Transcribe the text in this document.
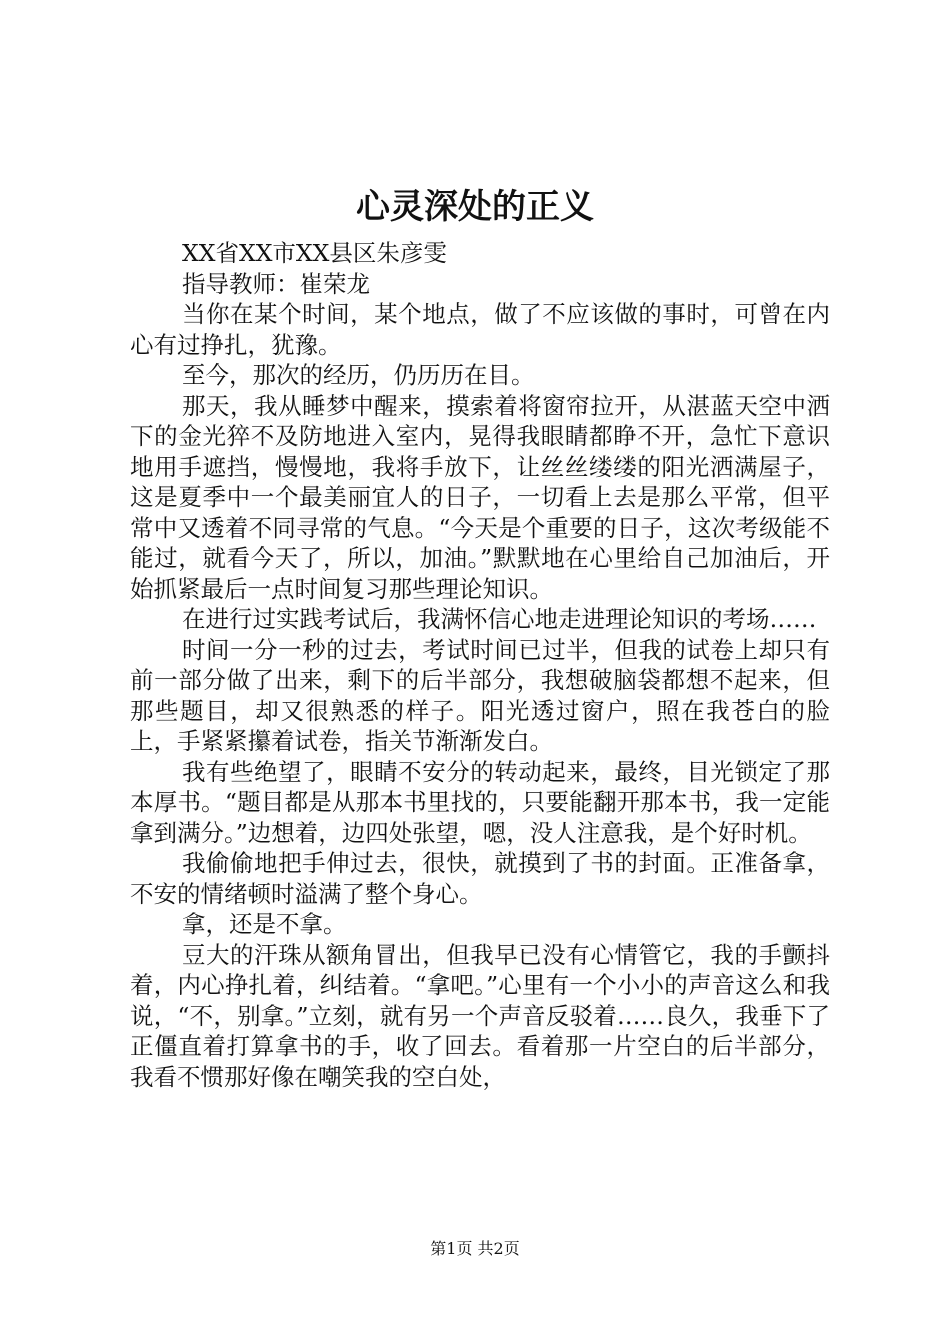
心灵深处的正义

XX省XX市XX县区朱彦雯

指导教师：崔荣龙

当你在某个时间，某个地点，做了不应该做的事时，可曾在内心有过挣扎，犹豫。

至今，那次的经历，仍历历在目。

那天，我从睡梦中醒来，摸索着将窗帘拉开，从湛蓝天空中洒下的金光猝不及防地进入室内，晃得我眼睛都睁不开，急忙下意识地用手遮挡，慢慢地，我将手放下，让丝丝缕缕的阳光洒满屋子，这是夏季中一个最美丽宜人的日子，一切看上去是那么平常，但平常中又透着不同寻常的气息。“今天是个重要的日子，这次考级能不能过，就看今天了，所以，加油。”默默地在心里给自己加油后，开始抓紧最后一点时间复习那些理论知识。

在进行过实践考试后，我满怀信心地走进理论知识的考场……

时间一分一秒的过去，考试时间已过半，但我的试卷上却只有前一部分做了出来，剩下的后半部分，我想破脑袋都想不起来，但那些题目，却又很熟悉的样子。阳光透过窗户，照在我苍白的脸上，手紧紧攥着试卷，指关节渐渐发白。

我有些绝望了，眼睛不安分的转动起来，最终，目光锁定了那本厚书。“题目都是从那本书里找的，只要能翻开那本书，我一定能拿到满分。”边想着，边四处张望，嗯，没人注意我，是个好时机。

我偷偷地把手伸过去，很快，就摸到了书的封面。正准备拿，不安的情绪顿时溢满了整个身心。

拿，还是不拿。

豆大的汗珠从额角冒出，但我早已没有心情管它，我的手颤抖着，内心挣扎着，纠结着。“拿吧。”心里有一个小小的声音这么和我说，“不，别拿。”立刻，就有另一个声音反驳着……良久，我垂下了正僵直着打算拿书的手，收了回去。看着那一片空白的后半部分，我看不惯那好像在嘲笑我的空白处，

第1页 共2页
